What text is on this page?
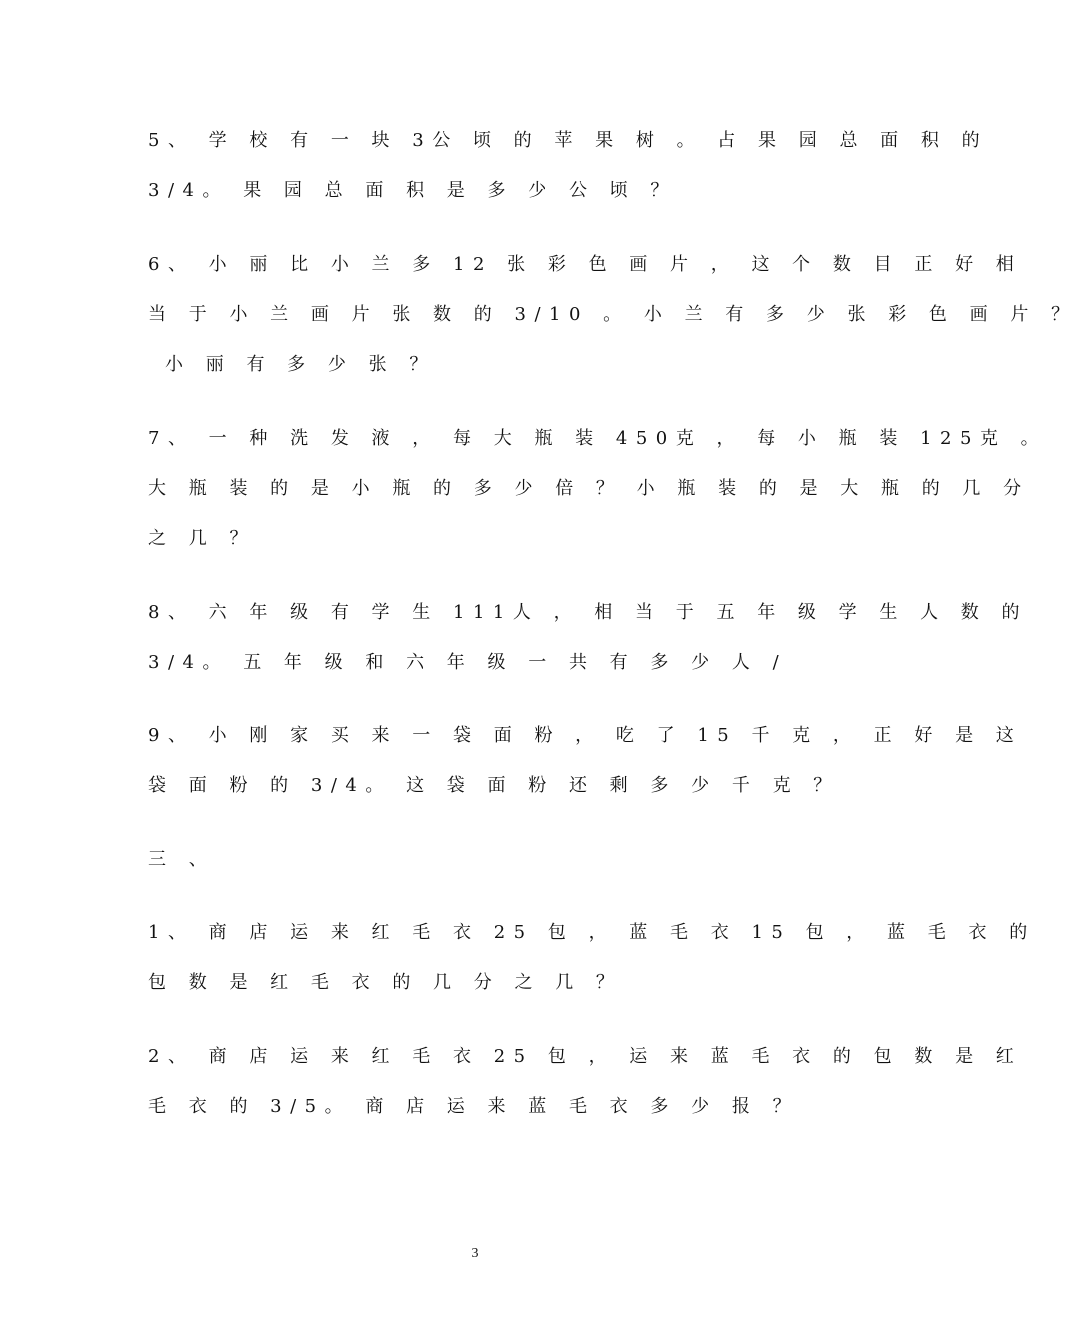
5、 学 校 有 一 块 3公 顷 的 苹 果 树 。 占 果 园 总 面 积 的
3/4。 果 园 总 面 积 是 多 少 公 顷 ？
6、 小 丽 比 小 兰 多 12 张 彩 色 画 片 ， 这 个 数 目 正 好 相
当 于 小 兰 画 片 张 数 的 3/10 。 小 兰 有 多 少 张 彩 色 画 片 ？
小 丽 有 多 少 张 ？
7、 一 种 洗 发 液 ， 每 大 瓶 装 450克 ， 每 小 瓶 装 125克 。
大 瓶 装 的 是 小 瓶 的 多 少 倍 ？ 小 瓶 装 的 是 大 瓶 的 几 分
之 几 ？
8、 六 年 级 有 学 生 111人 ， 相 当 于 五 年 级 学 生 人 数 的
3/4。 五 年 级 和 六 年 级 一 共 有 多 少 人 /
9、 小 刚 家 买 来 一 袋 面 粉 ， 吃 了 15 千 克 ， 正 好 是 这
袋 面 粉 的 3/4。 这 袋 面 粉 还 剩 多 少 千 克 ？
三 、
1、 商 店 运 来 红 毛 衣 25 包 ， 蓝 毛 衣 15 包 ， 蓝 毛 衣 的
包 数 是 红 毛 衣 的 几 分 之 几 ？
2、 商 店 运 来 红 毛 衣 25 包 ， 运 来 蓝 毛 衣 的 包 数 是 红
毛 衣 的 3/5。 商 店 运 来 蓝 毛 衣 多 少 报 ？
3
